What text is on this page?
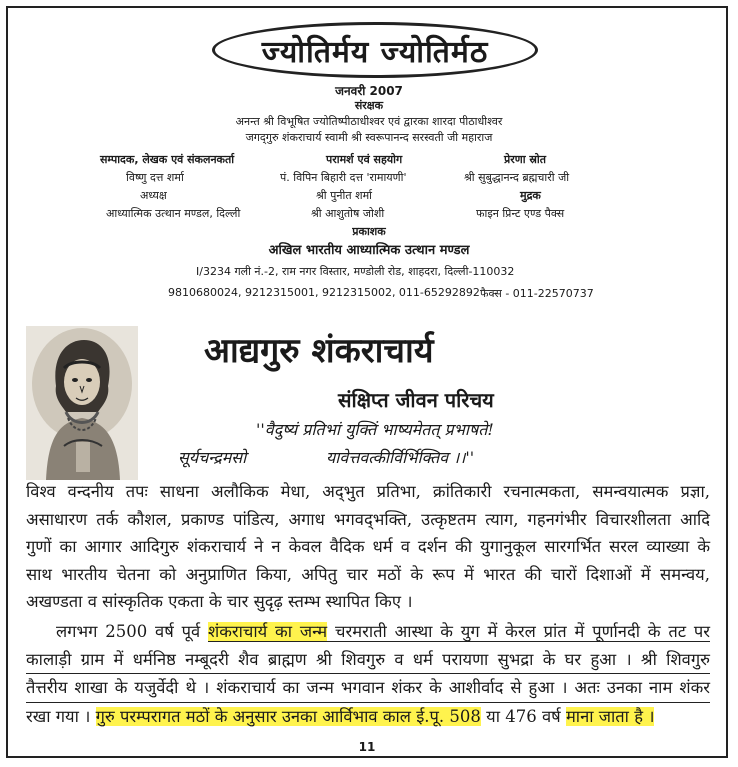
ज्योतिर्मय ज्योतिर्मठ
जनवरी 2007
संरक्षक
अनन्त श्री विभूषित ज्योतिष्पीठाधीश्वर एवं द्वारका शारदा पीठाधीश्वर
जगद्‌गुरु शंकराचार्य स्वामी श्री स्वरूपानन्द सरस्वती जी महाराज
सम्पादक, लेखक एवं संकलनकर्ता
विष्णु दत्त शर्मा
अध्यक्ष
आध्यात्मिक उत्थान मण्डल, दिल्ली
परामर्श एवं सहयोग
पं. विपिन बिहारी दत्त 'रामायणी'
श्री पुनीत शर्मा
श्री आशुतोष जोशी
प्रेरणा स्रोत
श्री सुबुद्धानन्द ब्रह्मचारी जी
मुद्रक
फाइन प्रिन्ट एण्ड पैक्स
प्रकाशक
अखिल भारतीय आध्यात्मिक उत्थान मण्डल
I/3234 गली नं.-2, राम नगर विस्तार, मण्डोली रोड, शाहदरा, दिल्ली-110032
9810680024, 9212315001, 9212315002, 011-65292892 फैक्स - 011-22570737
आद्यगुरु शंकराचार्य
संक्षिप्त जीवन परिचय
''वैदुष्यं प्रतिभां युक्तिं भाष्यमेतत् प्रभाषते!
सूर्यचन्द्रमसो	यावेत्तवत्कीर्विर्भिक्तिव ।।''
विश्व वन्दनीय तपः साधना अलौकिक मेधा, अद्‌भुत प्रतिभा, क्रांतिकारी रचनात्मकता, समन्वयात्मक प्रज्ञा,
असाधारण तर्क कौशल, प्रकाण्ड पांडित्य, अगाध भगवद्‌भक्ति, उत्कृष्टतम त्याग, गहनगंभीर विचारशीलता आदि
गुणों का आगार आदिगुरु शंकराचार्य ने न केवल वैदिक धर्म व दर्शन की युगानुकूल सारगर्भित सरल व्याख्या के
साथ भारतीय चेतना को अनुप्राणित किया, अपितु चार मठों के रूप में भारत की चारों दिशाओं में समन्वय,
अखण्डता व सांस्कृतिक एकता के चार सुदृढ़ स्तम्भ स्थापित किए ।
लगभग 2500 वर्ष पूर्व शंकराचार्य का जन्म चरमराती आस्था के युग में केरल प्रांत में पूर्णानदी के तट पर
कालाड़ी ग्राम में धर्मनिष्ठ नम्बूदरी शैव ब्राह्मण श्री शिवगुरु व धर्म परायणा सुभद्रा के घर हुआ । श्री शिवगुरु
तैत्तरीय शाखा के यजुर्वेदी थे । शंकराचार्य का जन्म भगवान शंकर के आशीर्वाद से हुआ । अतः उनका नाम शंकर
रखा गया । गुरु परम्परागत मठों के अनुसार उनका आर्विभाव काल ई.पू. 508 या 476 वर्ष माना जाता है ।
11
